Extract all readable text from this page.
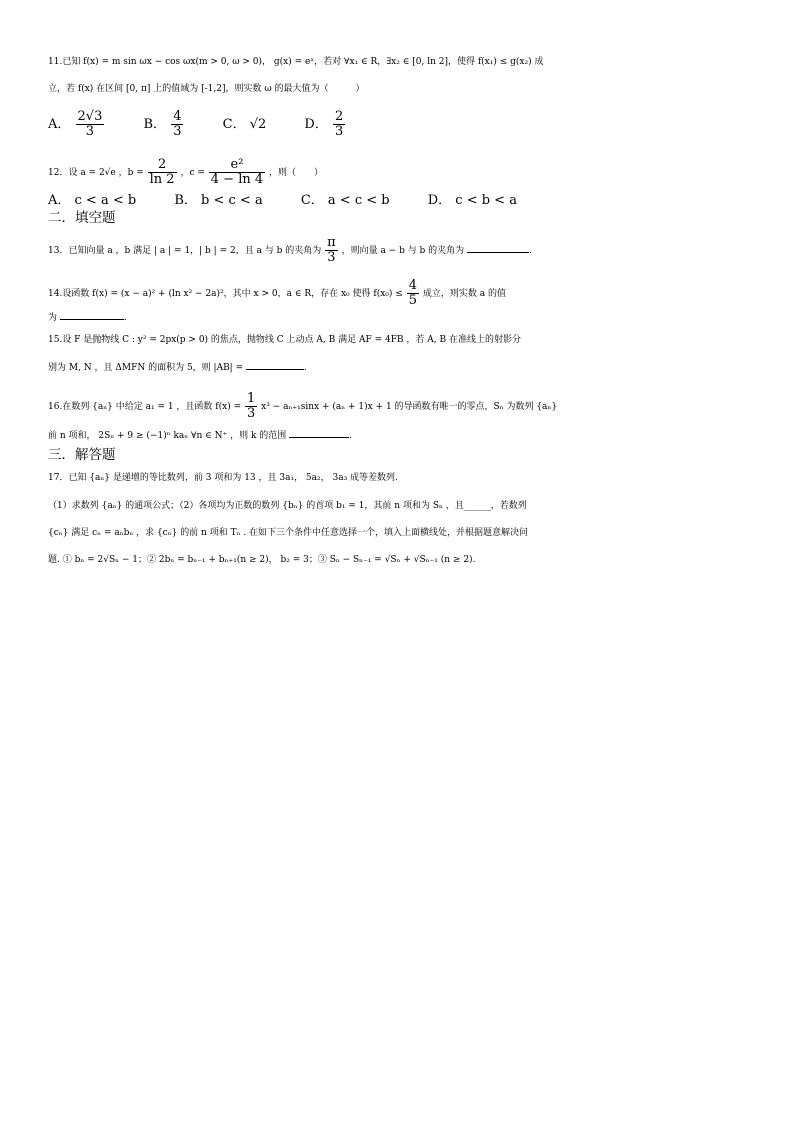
11.已知 f(x) = m sin ωx − cos ωx(m > 0, ω > 0)， g(x) = eˣ，若对 ∀x₁ ∈ R，∃x₂ ∈ [0, ln 2]，使得 f(x₁) ≤ g(x₂) 成
立，若 f(x) 在区间 [0, π] 上的值域为 [-1,2]，则实数 ω 的最大值为（　　　）
A． $\frac{2√3}{3}$	B． $\frac{4}{3}$	C． √2	D． $\frac{2}{3}$
12．设 a = 2√e ，$b = \frac{2}{\ln 2}$ ，$c = \frac{\text{e²}}{4 - \ln 4}$ ，则（　　）
A． c < a < b	B． b < c < a	C． a < c < b	D． c < b < a
二．填空题
13．已知向量 a ，b 满足 | a | = 1，| b | = 2，且 a 与 b 的夹角为 $\frac{\pi}{3}$ ，则向量 a − b 与 b 的夹角为	.
14.设函数 f(x) = (x − a)² + (ln x² − 2a)²，其中 x > 0，a ∈ R，存在 x₀ 使得 $f(x_0) \le \frac{4}{5}$ 成立，则实数 a 的值
为	.
15.设 F 是抛物线 C : y² = 2px(p > 0) 的焦点，抛物线 C 上动点 A, B 满足 AF = 4FB ，若 A, B 在准线上的射影分
别为 M, N ，且 ΔMFN 的面积为 5，则 |AB| =	.
16.在数列 {aₙ} 中给定 a₁ = 1 ，且函数 $f(x) = \frac{1}{3} x^3 - a_{n+1}\sin x + (a_n + 1)x + 1$ 的导函数有唯一的零点，Sₙ 为数列 {aₙ}
前 n 项和， 2Sₙ + 9 ≥ (−1)ⁿ kaₙ ∀n ∈ N⁺ ，则 k 的范围	.
三．解答题
17．已知 {aₙ} 是递增的等比数列，前 3 项和为 13 ，且 3a₁， 5a₂， 3a₃ 成等差数列.
（1）求数列 {aₙ} 的通项公式；（2）各项均为正数的数列 {bₙ} 的首项 b₁ = 1，其前 n 项和为 Sₙ ，且______，若数列
{cₙ} 满足 cₙ = aₙbₙ ，求 {cₙ} 的前 n 项和 Tₙ . 在如下三个条件中任意选择一个，填入上面横线处，并根据题意解决问
题. ① bₙ = 2√Sₙ − 1；② 2bₙ = bₙ₋₁ + bₙ₊₁(n ≥ 2)， b₂ = 3；③ Sₙ − Sₙ₋₁ = √Sₙ + √Sₙ₋₁ (n ≥ 2).
